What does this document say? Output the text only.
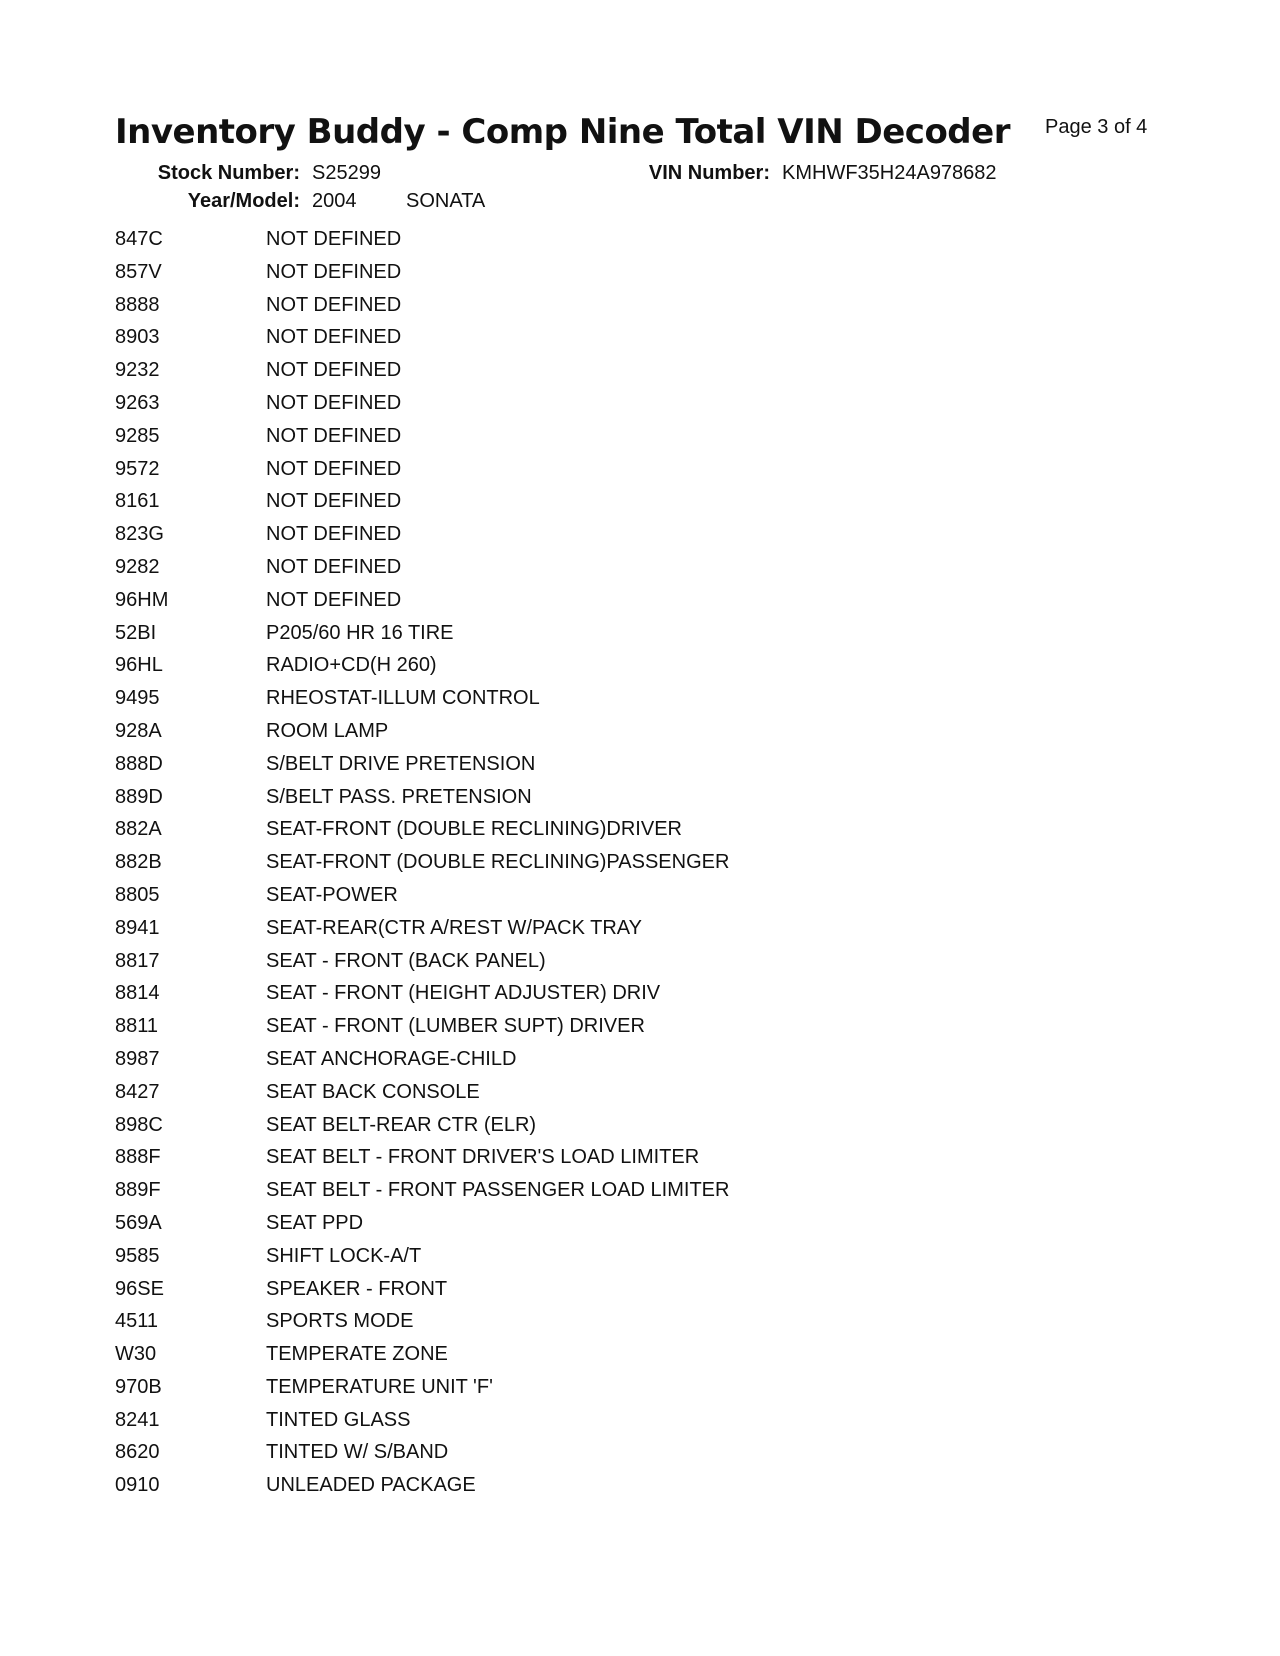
Inventory Buddy - Comp Nine Total VIN Decoder Page 3 of 4
Stock Number: S25299
Year/Model: 2004 SONATA
VIN Number: KMHWF35H24A978682
847C	NOT DEFINED
857V	NOT DEFINED
8888	NOT DEFINED
8903	NOT DEFINED
9232	NOT DEFINED
9263	NOT DEFINED
9285	NOT DEFINED
9572	NOT DEFINED
8161	NOT DEFINED
823G	NOT DEFINED
9282	NOT DEFINED
96HM	NOT DEFINED
52BI	P205/60 HR 16 TIRE
96HL	RADIO+CD(H 260)
9495	RHEOSTAT-ILLUM CONTROL
928A	ROOM LAMP
888D	S/BELT DRIVE PRETENSION
889D	S/BELT PASS. PRETENSION
882A	SEAT-FRONT (DOUBLE RECLINING)DRIVER
882B	SEAT-FRONT (DOUBLE RECLINING)PASSENGER
8805	SEAT-POWER
8941	SEAT-REAR(CTR A/REST W/PACK TRAY
8817	SEAT - FRONT (BACK PANEL)
8814	SEAT - FRONT (HEIGHT ADJUSTER) DRIV
8811	SEAT - FRONT (LUMBER SUPT) DRIVER
8987	SEAT ANCHORAGE-CHILD
8427	SEAT BACK CONSOLE
898C	SEAT BELT-REAR CTR (ELR)
888F	SEAT BELT - FRONT DRIVER'S LOAD LIMITER
889F	SEAT BELT - FRONT PASSENGER LOAD LIMITER
569A	SEAT PPD
9585	SHIFT LOCK-A/T
96SE	SPEAKER - FRONT
4511	SPORTS MODE
W30	TEMPERATE ZONE
970B	TEMPERATURE UNIT 'F'
8241	TINTED GLASS
8620	TINTED W/ S/BAND
0910	UNLEADED PACKAGE
